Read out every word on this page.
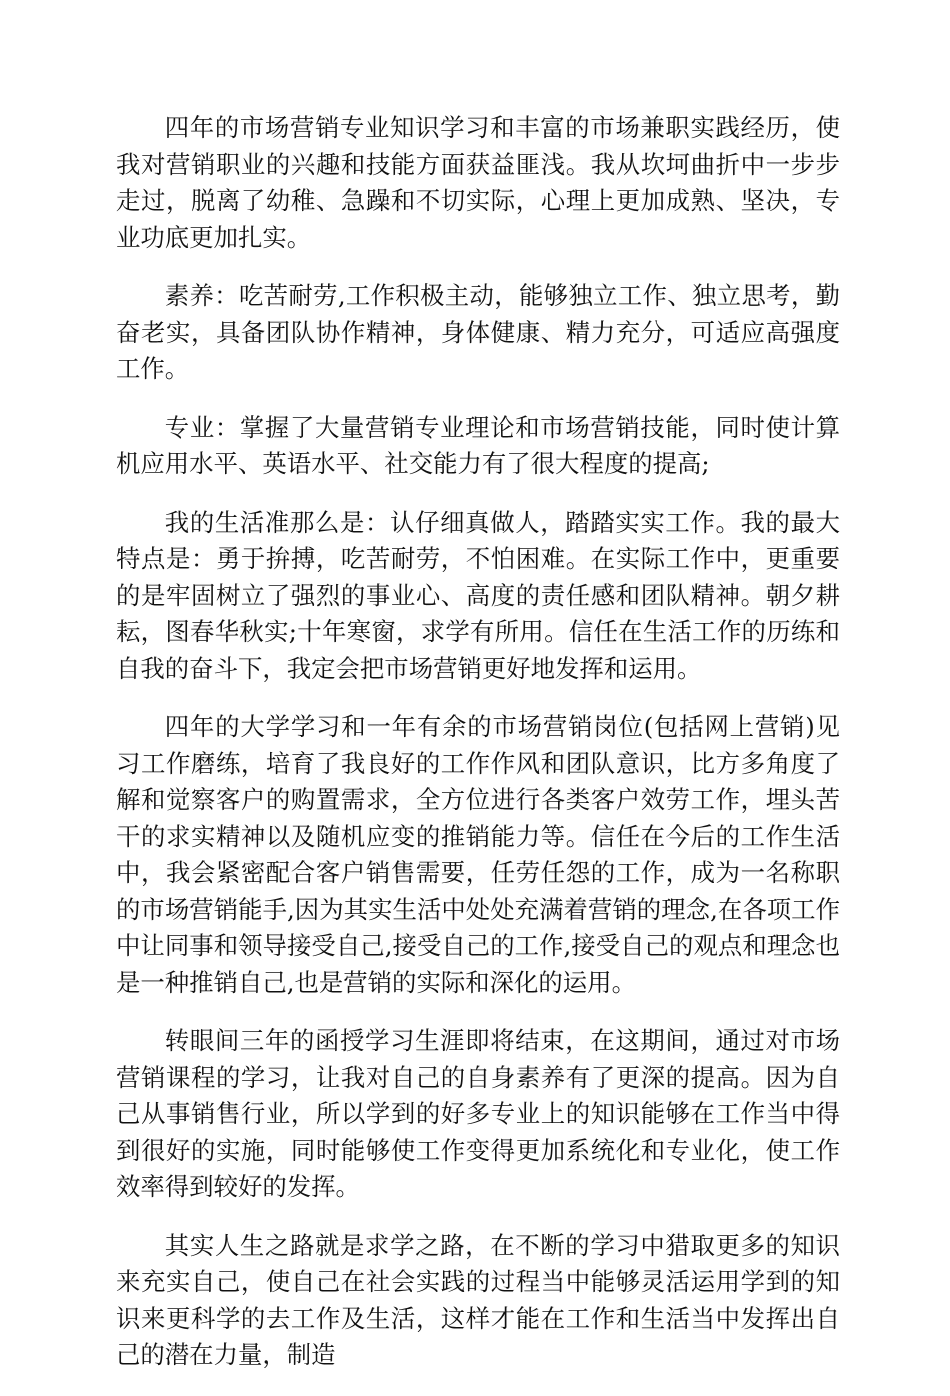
四年的市场营销专业知识学习和丰富的市场兼职实践经历，使我对营销职业的兴趣和技能方面获益匪浅。我从坎坷曲折中一步步走过，脱离了幼稚、急躁和不切实际，心理上更加成熟、坚决，专业功底更加扎实。

素养：吃苦耐劳,工作积极主动，能够独立工作、独立思考，勤奋老实，具备团队协作精神，身体健康、精力充分，可适应高强度工作。

专业：掌握了大量营销专业理论和市场营销技能，同时使计算机应用水平、英语水平、社交能力有了很大程度的提高;

我的生活准那么是：认仔细真做人，踏踏实实工作。我的最大特点是：勇于拚搏，吃苦耐劳，不怕困难。在实际工作中，更重要的是牢固树立了强烈的事业心、高度的责任感和团队精神。朝夕耕耘，图春华秋实;十年寒窗，求学有所用。信任在生活工作的历练和自我的奋斗下，我定会把市场营销更好地发挥和运用。

四年的大学学习和一年有余的市场营销岗位(包括网上营销)见习工作磨练，培育了我良好的工作作风和团队意识，比方多角度了解和觉察客户的购置需求，全方位进行各类客户效劳工作，埋头苦干的求实精神以及随机应变的推销能力等。信任在今后的工作生活中，我会紧密配合客户销售需要，任劳任怨的工作，成为一名称职的市场营销能手,因为其实生活中处处充满着营销的理念,在各项工作中让同事和领导接受自己,接受自己的工作,接受自己的观点和理念也是一种推销自己,也是营销的实际和深化的运用。

转眼间三年的函授学习生涯即将结束，在这期间，通过对市场营销课程的学习，让我对自己的自身素养有了更深的提高。因为自己从事销售行业，所以学到的好多专业上的知识能够在工作当中得到很好的实施，同时能够使工作变得更加系统化和专业化，使工作效率得到较好的发挥。

其实人生之路就是求学之路，在不断的学习中猎取更多的知识来充实自己，使自己在社会实践的过程当中能够灵活运用学到的知识来更科学的去工作及生活，这样才能在工作和生活当中发挥出自己的潜在力量，制造
